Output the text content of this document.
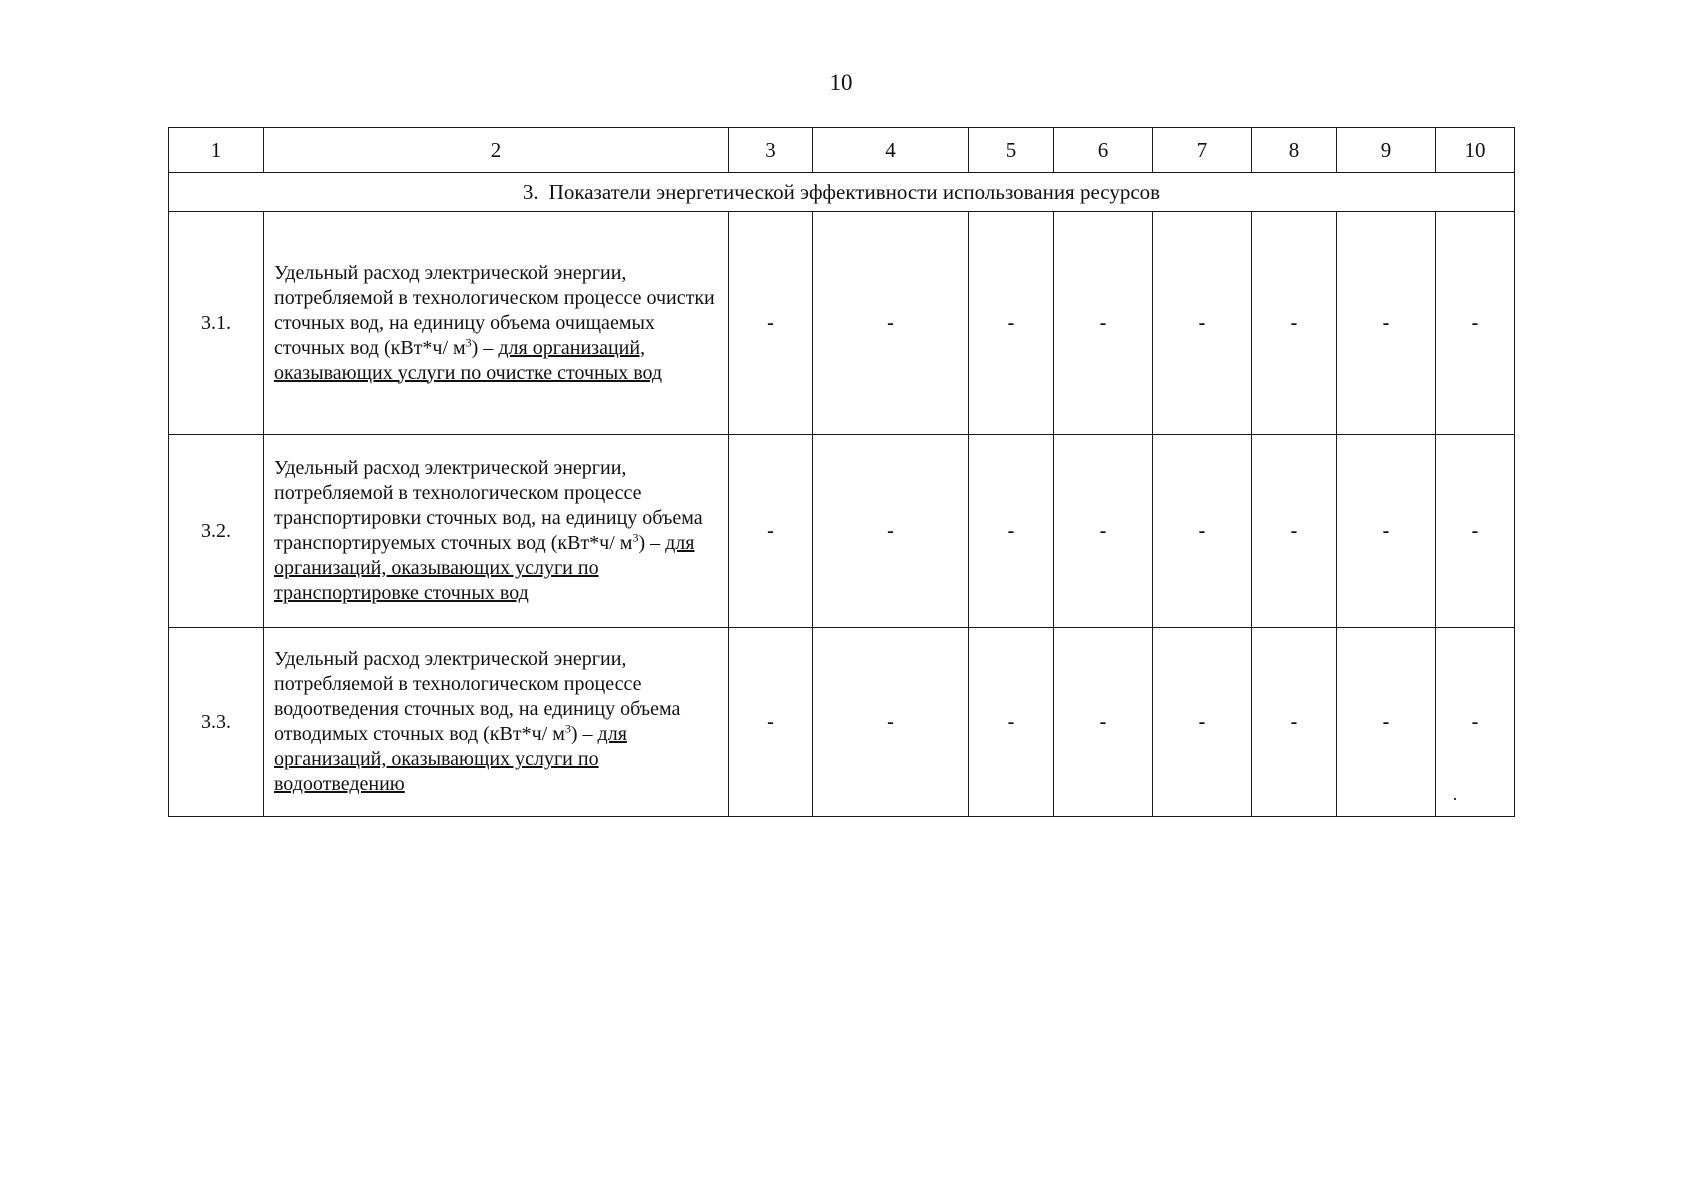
10
1	2	3	4	5	6	7	8	9	10
3. Показатели энергетической эффективности использования ресурсов									
3.1.	Удельный расход электрической энергии, потребляемой в технологическом процессе очистки сточных вод, на единицу объема очищаемых сточных вод (кВт*ч/ $м^3$) – для организаций, оказывающих услуги по очистке сточных вод	-	-	-	-	-	-	-	-
3.2.	Удельный расход электрической энергии, потребляемой в технологическом процессе транспортировки сточных вод, на единицу объема транспортируемых сточных вод (кВт*ч/ $м^3$) – для организаций, оказывающих услуги по транспортировке сточных вод	-	-	-	-	-	-	-	-
3.3.	Удельный расход электрической энергии, потребляемой в технологическом процессе водоотведения сточных вод, на единицу объема отводимых сточных вод (кВт*ч/ $м^3$) – для организаций, оказывающих услуги по водоотведению	-	-	-	-	-	-	-	-
